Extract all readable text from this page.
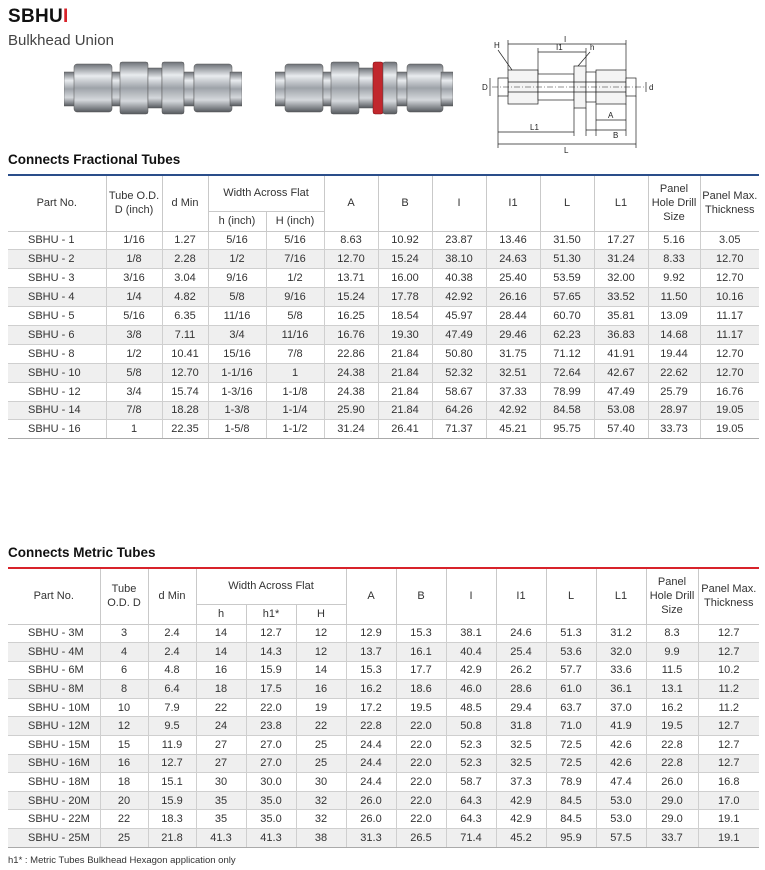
SBHUI
Bulkhead Union	I
I1
H	h
D	d
A
B
L1
L
Connects Fractional Tubes
Part No.	Tube O.D. D (inch)	d Min	Width Across Flat		A	B	I	I1	L	L1	Panel Hole Drill Size	Panel Max. Thickness
			h (inch)	H (inch)								
SBHU - 1	1/16	1.27	5/16	5/16	8.63	10.92	23.87	13.46	31.50	17.27	5.16	3.05
SBHU - 2	1/8	2.28	1/2	7/16	12.70	15.24	38.10	24.63	51.30	31.24	8.33	12.70
SBHU - 3	3/16	3.04	9/16	1/2	13.71	16.00	40.38	25.40	53.59	32.00	9.92	12.70
SBHU - 4	1/4	4.82	5/8	9/16	15.24	17.78	42.92	26.16	57.65	33.52	11.50	10.16
SBHU - 5	5/16	6.35	11/16	5/8	16.25	18.54	45.97	28.44	60.70	35.81	13.09	11.17
SBHU - 6	3/8	7.11	3/4	11/16	16.76	19.30	47.49	29.46	62.23	36.83	14.68	11.17
SBHU - 8	1/2	10.41	15/16	7/8	22.86	21.84	50.80	31.75	71.12	41.91	19.44	12.70
SBHU - 10	5/8	12.70	1-1/16	1	24.38	21.84	52.32	32.51	72.64	42.67	22.62	12.70
SBHU - 12	3/4	15.74	1-3/16	1-1/8	24.38	21.84	58.67	37.33	78.99	47.49	25.79	16.76
SBHU - 14	7/8	18.28	1-3/8	1-1/4	25.90	21.84	64.26	42.92	84.58	53.08	28.97	19.05
SBHU - 16	1	22.35	1-5/8	1-1/2	31.24	26.41	71.37	45.21	95.75	57.40	33.73	19.05
Connects Metric Tubes
Part No.	Tube O.D. D	d Min	Width Across Flat			A	B	I	I1	L	L1	Panel Hole Drill Size	Panel Max. Thickness
			h	h1*	H								
SBHU - 3M	3	2.4	14	12.7	12	12.9	15.3	38.1	24.6	51.3	31.2	8.3	12.7
SBHU - 4M	4	2.4	14	14.3	12	13.7	16.1	40.4	25.4	53.6	32.0	9.9	12.7
SBHU - 6M	6	4.8	16	15.9	14	15.3	17.7	42.9	26.2	57.7	33.6	11.5	10.2
SBHU - 8M	8	6.4	18	17.5	16	16.2	18.6	46.0	28.6	61.0	36.1	13.1	11.2
SBHU - 10M	10	7.9	22	22.0	19	17.2	19.5	48.5	29.4	63.7	37.0	16.2	11.2
SBHU - 12M	12	9.5	24	23.8	22	22.8	22.0	50.8	31.8	71.0	41.9	19.5	12.7
SBHU - 15M	15	11.9	27	27.0	25	24.4	22.0	52.3	32.5	72.5	42.6	22.8	12.7
SBHU - 16M	16	12.7	27	27.0	25	24.4	22.0	52.3	32.5	72.5	42.6	22.8	12.7
SBHU - 18M	18	15.1	30	30.0	30	24.4	22.0	58.7	37.3	78.9	47.4	26.0	16.8
SBHU - 20M	20	15.9	35	35.0	32	26.0	22.0	64.3	42.9	84.5	53.0	29.0	17.0
SBHU - 22M	22	18.3	35	35.0	32	26.0	22.0	64.3	42.9	84.5	53.0	29.0	19.1
SBHU - 25M	25	21.8	41.3	41.3	38	31.3	26.5	71.4	45.2	95.9	57.5	33.7	19.1
h1* : Metric Tubes Bulkhead Hexagon application only
